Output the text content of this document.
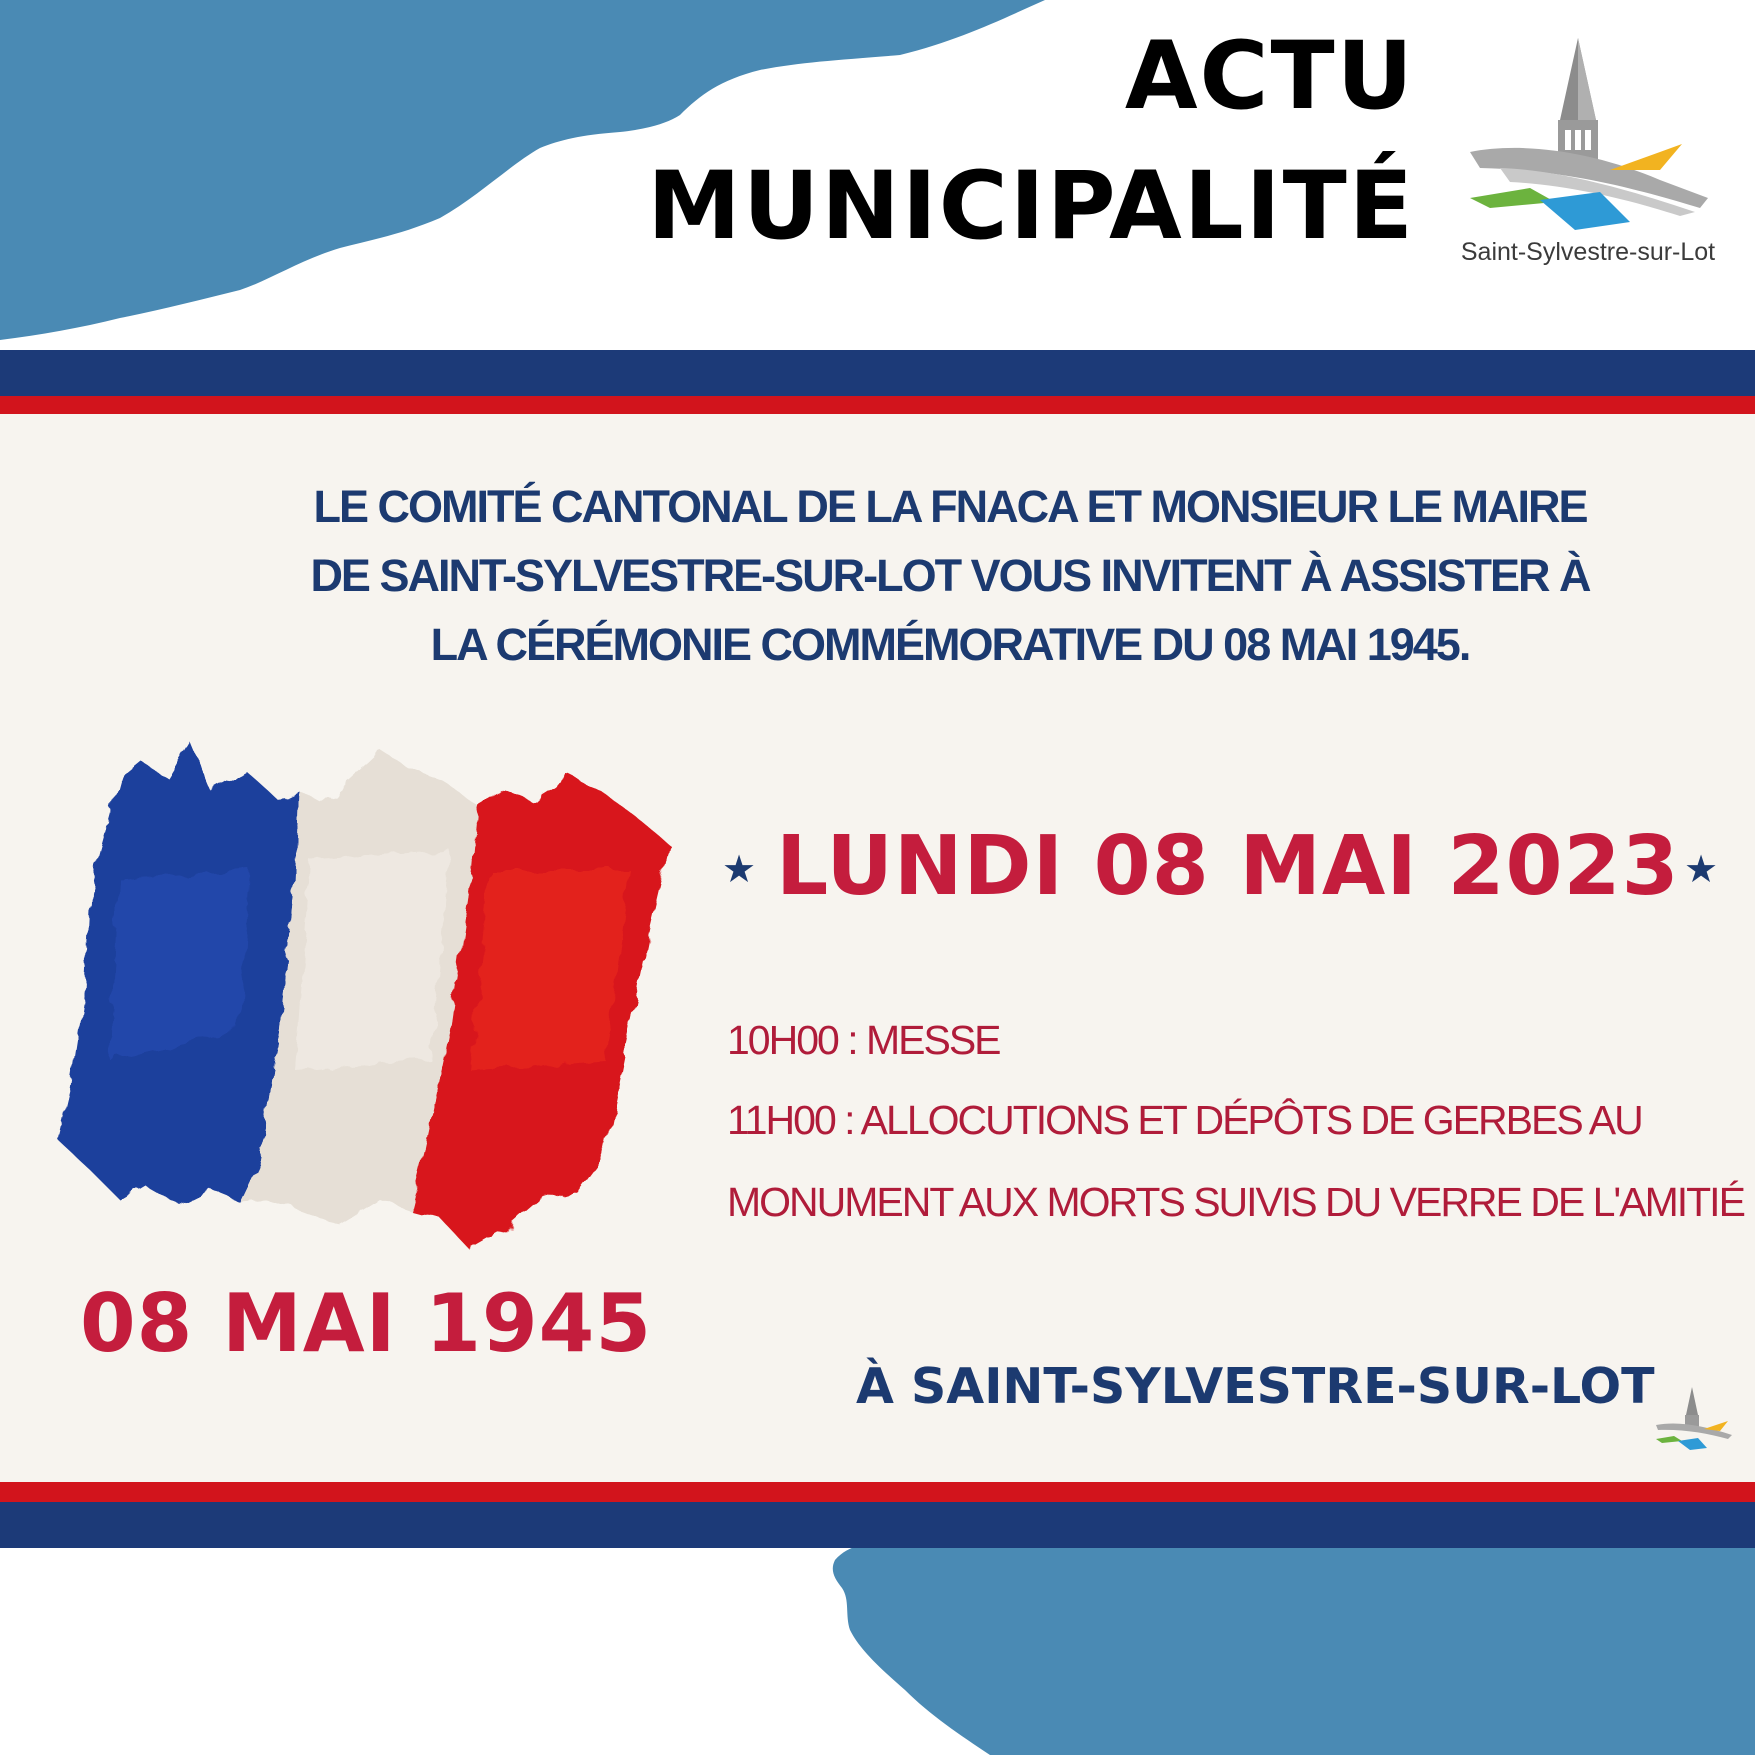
ACTU
MUNICIPALITÉ	Saint-Sylvestre-sur-Lot
LE COMITÉ CANTONAL DE LA FNACA ET MONSIEUR LE MAIRE
DE SAINT-SYLVESTRE-SUR-LOT VOUS INVITENT À ASSISTER À
LA CÉRÉMONIE COMMÉMORATIVE DU 08 MAI 1945.
08 MAI 1945
★ LUNDI 08 MAI 2023 ★
10H00 : MESSE
11H00 : ALLOCUTIONS ET DÉPÔTS DE GERBES AU
MONUMENT AUX MORTS SUIVIS DU VERRE DE L'AMITIÉ
À SAINT-SYLVESTRE-SUR-LOT
